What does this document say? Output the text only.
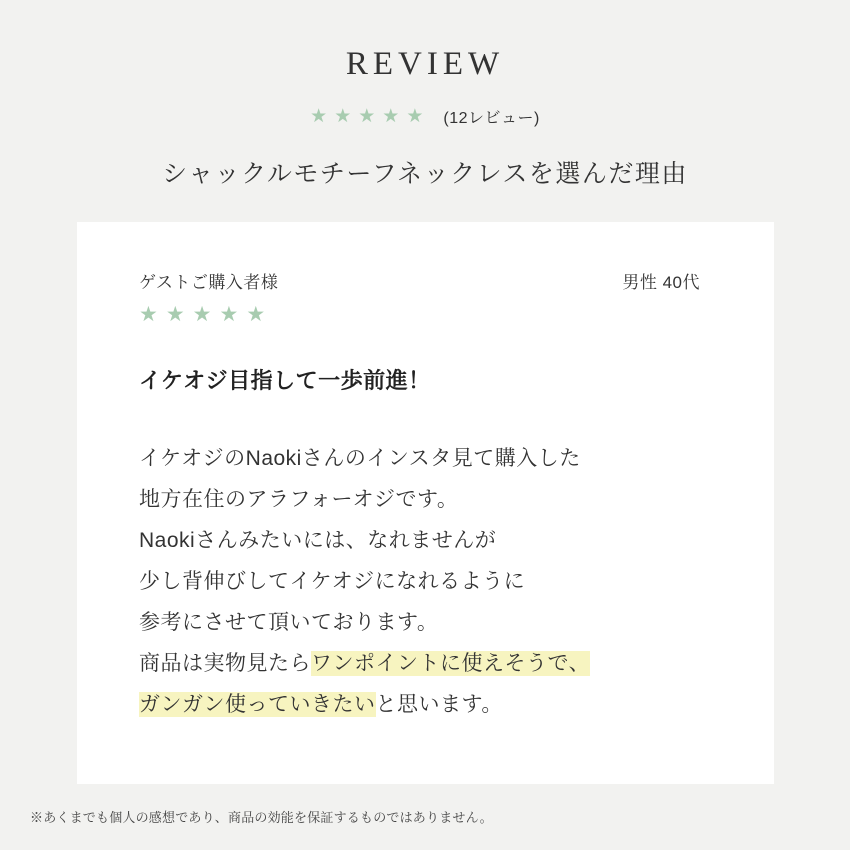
REVIEW
★ ★ ★ ★ ★ (12レビュー)
シャックルモチーフネックレスを選んだ理由
ゲストご購入者様	男性 40代
★ ★ ★ ★ ★
イケオジ目指して一歩前進！
イケオジのNaokiさんのインスタ見て購入した
地方在住のアラフォーオジです。
Naokiさんみたいには、なれませんが
少し背伸びしてイケオジになれるように
参考にさせて頂いております。
商品は実物見たらワンポイントに使えそうで、
ガンガン使っていきたいと思います。
※あくまでも個人の感想であり、商品の効能を保証するものではありません。
